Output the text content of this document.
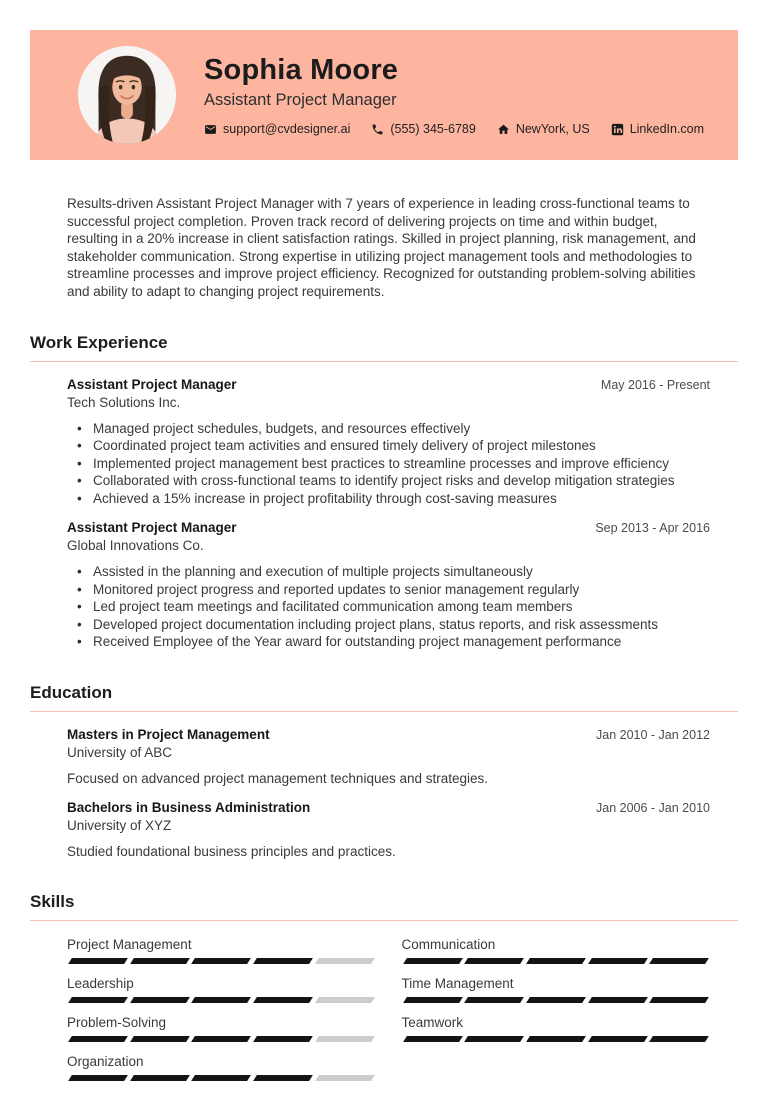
Sophia Moore
Assistant Project Manager
support@cvdesigner.ai	(555) 345-6789	NewYork, US	LinkedIn.com

Results-driven Assistant Project Manager with 7 years of experience in leading cross-functional teams to successful project completion. Proven track record of delivering projects on time and within budget, resulting in a 20% increase in client satisfaction ratings. Skilled in project planning, risk management, and stakeholder communication. Strong expertise in utilizing project management tools and methodologies to streamline processes and improve project efficiency. Recognized for outstanding problem-solving abilities and ability to adapt to changing project requirements.

Work Experience
Assistant Project Manager
Tech Solutions Inc.
May 2016 - Present
• Managed project schedules, budgets, and resources effectively
• Coordinated project team activities and ensured timely delivery of project milestones
• Implemented project management best practices to streamline processes and improve efficiency
• Collaborated with cross-functional teams to identify project risks and develop mitigation strategies
• Achieved a 15% increase in project profitability through cost-saving measures
Assistant Project Manager
Global Innovations Co.
Sep 2013 - Apr 2016
• Assisted in the planning and execution of multiple projects simultaneously
• Monitored project progress and reported updates to senior management regularly
• Led project team meetings and facilitated communication among team members
• Developed project documentation including project plans, status reports, and risk assessments
• Received Employee of the Year award for outstanding project management performance
Education
Masters in Project Management
University of ABC
Jan 2010 - Jan 2012

Focused on advanced project management techniques and strategies.

Bachelors in Business Administration
University of XYZ
Jan 2006 - Jan 2010

Studied foundational business principles and practices.

Skills
Project Management
Leadership
Problem-Solving
Organization
Communication
Time Management
Teamwork
